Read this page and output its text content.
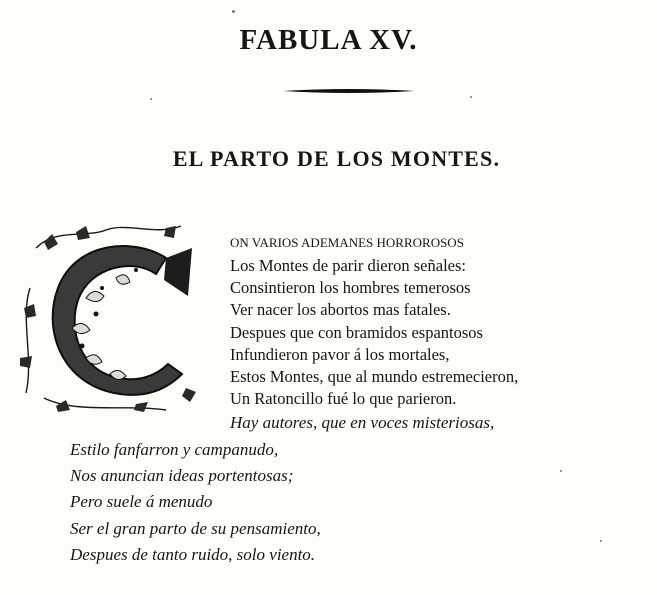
FABULA XV.
EL PARTO DE LOS MONTES.
ON VARIOS ADEMANES HORROROSOS
Los Montes de parir dieron señales:
Consintieron los hombres temerosos
Ver nacer los abortos mas fatales.
Despues que con bramidos espantosos
Infundieron pavor á los mortales,
Estos Montes, que al mundo estremecieron,
Un Ratoncillo fué lo que parieron.
Hay autores, que en voces misteriosas,
Estilo fanfarron y campanudo,
Nos anuncian ideas portentosas;
Pero suele á menudo
Ser el gran parto de su pensamiento,
Despues de tanto ruido, solo viento.
